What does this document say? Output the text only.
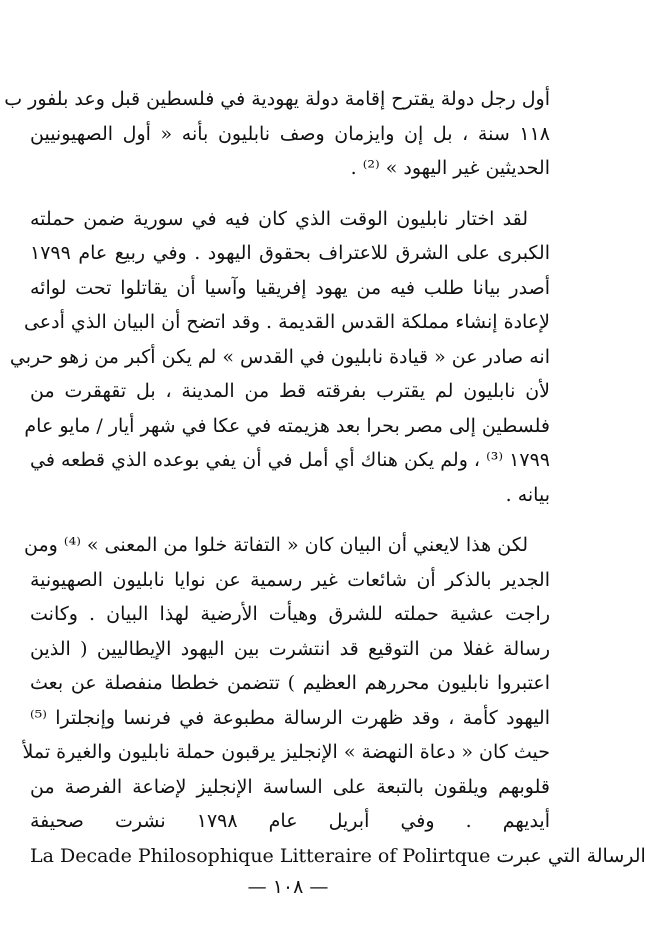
أول رجل دولة يقترح إقامة دولة يهودية في فلسطين قبل وعد بلفور ب
١١٨ سنة ، بل إن وايزمان وصف نابليون بأنه « أول الصهيونيين
الحديثين غير اليهود » ⁽²⁾ .
لقد اختار نابليون الوقت الذي كان فيه في سورية ضمن حملته
الكبرى على الشرق للاعتراف بحقوق اليهود . وفي ربيع عام ١٧٩٩
أصدر بيانا طلب فيه من يهود إفريقيا وآسيا أن يقاتلوا تحت لوائه
لإعادة إنشاء مملكة القدس القديمة . وقد اتضح أن البيان الذي أدعى
انه صادر عن « قيادة نابليون في القدس » لم يكن أكبر من زهو حربي
لأن نابليون لم يقترب بفرقته قط من المدينة ، بل تقهقرت من
فلسطين إلى مصر بحرا بعد هزيمته في عكا في شهر أيار / مايو عام
١٧٩٩ ⁽³⁾ ، ولم يكن هناك أي أمل في أن يفي بوعده الذي قطعه في
بيانه .
لكن هذا لايعني أن البيان كان « التفاتة خلوا من المعنى » ⁽⁴⁾ ومن
الجدير بالذكر أن شائعات غير رسمية عن نوايا نابليون الصهيونية
راجت عشية حملته للشرق وهيأت الأرضية لهذا البيان . وكانت
رسالة غفلا من التوقيع قد انتشرت بين اليهود الإيطاليين ( الذين
اعتبروا نابليون محررهم العظيم ) تتضمن خططا منفصلة عن بعث
اليهود كأمة ، وقد ظهرت الرسالة مطبوعة في فرنسا وإنجلترا ⁽⁵⁾
حيث كان « دعاة النهضة » الإنجليز يرقبون حملة نابليون والغيرة تملأ
قلوبهم ويلقون بالتبعة على الساسة الإنجليز لإضاعة الفرصة من
أيديهم . وفي أبريل عام ١٧٩٨ نشرت صحيفة
La Decade Philosophique Litteraire of Polirtque الرسالة التي عبرت
— ١٠٨ —
